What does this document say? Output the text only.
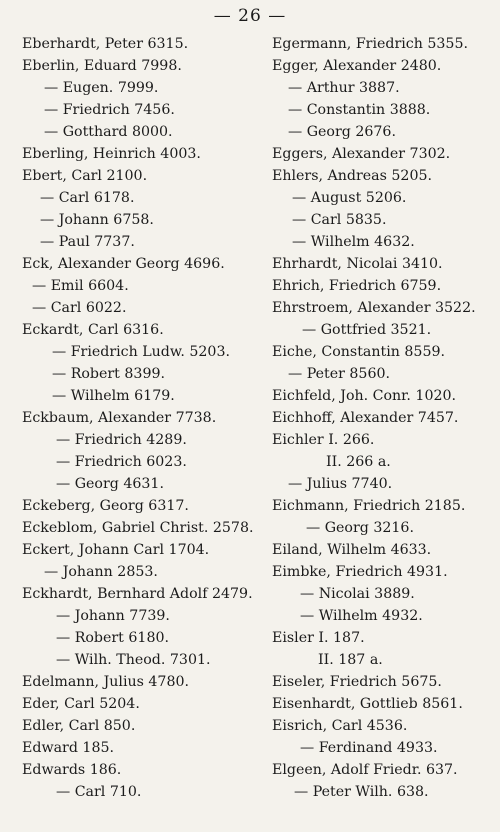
— 26 —
Eberhardt, Peter 6315.
Eberlin, Eduard 7998.
— Eugen. 7999.
— Friedrich 7456.
— Gotthard 8000.
Eberling, Heinrich 4003.
Ebert, Carl 2100.
— Carl 6178.
— Johann 6758.
— Paul 7737.
Eck, Alexander Georg 4696.
— Emil 6604.
— Carl 6022.
Eckardt, Carl 6316.
— Friedrich Ludw. 5203.
— Robert 8399.
— Wilhelm 6179.
Eckbaum, Alexander 7738.
— Friedrich 4289.
— Friedrich 6023.
— Georg 4631.
Eckeberg, Georg 6317.
Eckeblom, Gabriel Christ. 2578.
Eckert, Johann Carl 1704.
— Johann 2853.
Eckhardt, Bernhard Adolf 2479.
— Johann 7739.
— Robert 6180.
— Wilh. Theod. 7301.
Edelmann, Julius 4780.
Eder, Carl 5204.
Edler, Carl 850.
Edward 185.
Edwards 186.
— Carl 710.
Egermann, Friedrich 5355.
Egger, Alexander 2480.
— Arthur 3887.
— Constantin 3888.
— Georg 2676.
Eggers, Alexander 7302.
Ehlers, Andreas 5205.
— August 5206.
— Carl 5835.
— Wilhelm 4632.
Ehrhardt, Nicolai 3410.
Ehrich, Friedrich 6759.
Ehrstroem, Alexander 3522.
— Gottfried 3521.
Eiche, Constantin 8559.
— Peter 8560.
Eichfeld, Joh. Conr. 1020.
Eichhoff, Alexander 7457.
Eichler I. 266.
II. 266 a.
— Julius 7740.
Eichmann, Friedrich 2185.
— Georg 3216.
Eiland, Wilhelm 4633.
Eimbke, Friedrich 4931.
— Nicolai 3889.
— Wilhelm 4932.
Eisler I. 187.
II. 187 a.
Eiseler, Friedrich 5675.
Eisenhardt, Gottlieb 8561.
Eisrich, Carl 4536.
— Ferdinand 4933.
Elgeen, Adolf Friedr. 637.
— Peter Wilh. 638.
